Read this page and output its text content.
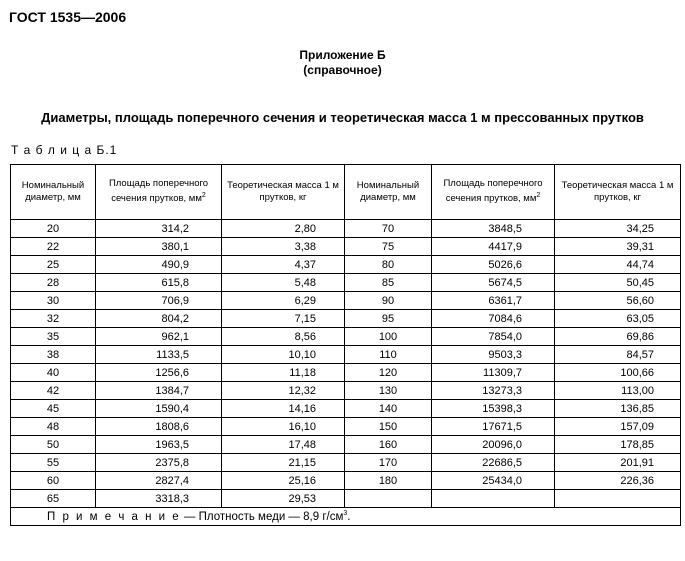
ГОСТ 1535—2006
Приложение Б
(справочное)
Диаметры, площадь поперечного сечения и теоретическая масса 1 м прессованных прутков
Т а б л и ц а Б.1
Номинальный диаметр, мм	Площадь поперечного сечения прутков, $мм^2$	Теоретическая масса 1 м прутков, кг	Номинальный диаметр, мм	Площадь поперечного сечения прутков, $мм^2$	Теоретическая масса 1 м прутков, кг
20	314,2	2,80	70	3848,5	34,25
22	380,1	3,38	75	4417,9	39,31
25	490,9	4,37	80	5026,6	44,74
28	615,8	5,48	85	5674,5	50,45
30	706,9	6,29	90	6361,7	56,60
32	804,2	7,15	95	7084,6	63,05
35	962,1	8,56	100	7854,0	69,86
38	1133,5	10,10	110	9503,3	84,57
40	1256,6	11,18	120	11309,7	100,66
42	1384,7	12,32	130	13273,3	113,00
45	1590,4	14,16	140	15398,3	136,85
48	1808,6	16,10	150	17671,5	157,09
50	1963,5	17,48	160	20096,0	178,85
55	2375,8	21,15	170	22686,5	201,91
60	2827,4	25,16	180	25434,0	226,36
65	3318,3	29,53			
П р и м е ч а н и е — Плотность меди — 8,9 $г/см^3$.					
